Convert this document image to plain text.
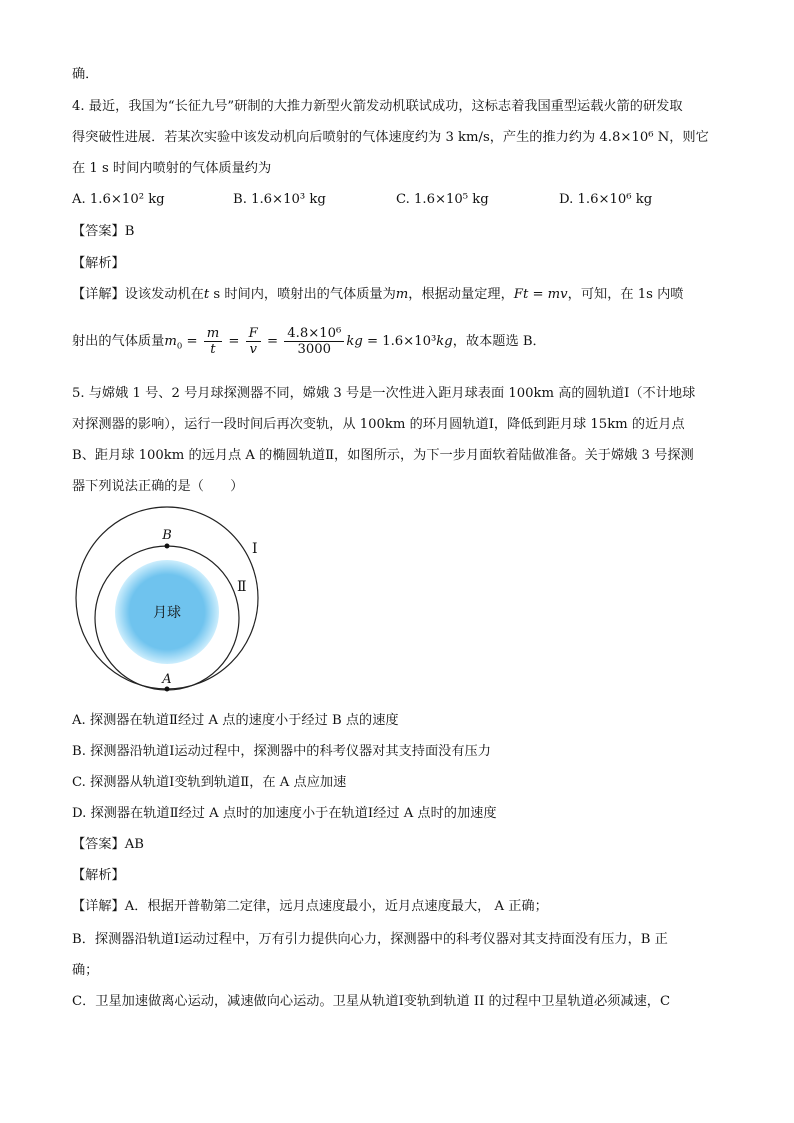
确．
4. 最近，我国为“长征九号”研制的大推力新型火箭发动机联试成功，这标志着我国重型运载火箭的研发取
得突破性进展．若某次实验中该发动机向后喷射的气体速度约为 3 km/s，产生的推力约为 4.8×10⁶ N，则它
在 1 s 时间内喷射的气体质量约为
A. 1.6×10² kg	B. 1.6×10³ kg	C. 1.6×10⁵ kg	D. 1.6×10⁶ kg
【答案】B
【解析】
【详解】设该发动机在t s 时间内，喷射出的气体质量为m，根据动量定理，Ft = mv，可知，在 1s 内喷
射出的气体质量$m_0 = \frac{m}{t} = \frac{F}{v} = \frac{\text{4.8×10⁶}}{3000}$ kg = 1.6×10³kg，故本题选 B．
5. 与嫦娥 1 号、2 号月球探测器不同，嫦娥 3 号是一次性进入距月球表面 100km 高的圆轨道Ⅰ（不计地球
对探测器的影响），运行一段时间后再次变轨，从 100km 的环月圆轨道Ⅰ，降低到距月球 15km 的近月点
B、距月球 100km 的远月点 A 的椭圆轨道Ⅱ，如图所示，为下一步月面软着陆做准备。关于嫦娥 3 号探测
器下列说法正确的是（　　）
月球
B
A
Ⅰ
Ⅱ
A. 探测器在轨道Ⅱ经过 A 点的速度小于经过 B 点的速度
B. 探测器沿轨道Ⅰ运动过程中，探测器中的科考仪器对其支持面没有压力
C. 探测器从轨道Ⅰ变轨到轨道Ⅱ，在 A 点应加速
D. 探测器在轨道Ⅱ经过 A 点时的加速度小于在轨道Ⅰ经过 A 点时的加速度
【答案】AB
【解析】
【详解】A．根据开普勒第二定律，远月点速度最小，近月点速度最大， A 正确；
B．探测器沿轨道Ⅰ运动过程中，万有引力提供向心力，探测器中的科考仪器对其支持面没有压力，B 正
确；
C．卫星加速做离心运动，减速做向心运动。卫星从轨道Ⅰ变轨到轨道 II 的过程中卫星轨道必须减速，C
